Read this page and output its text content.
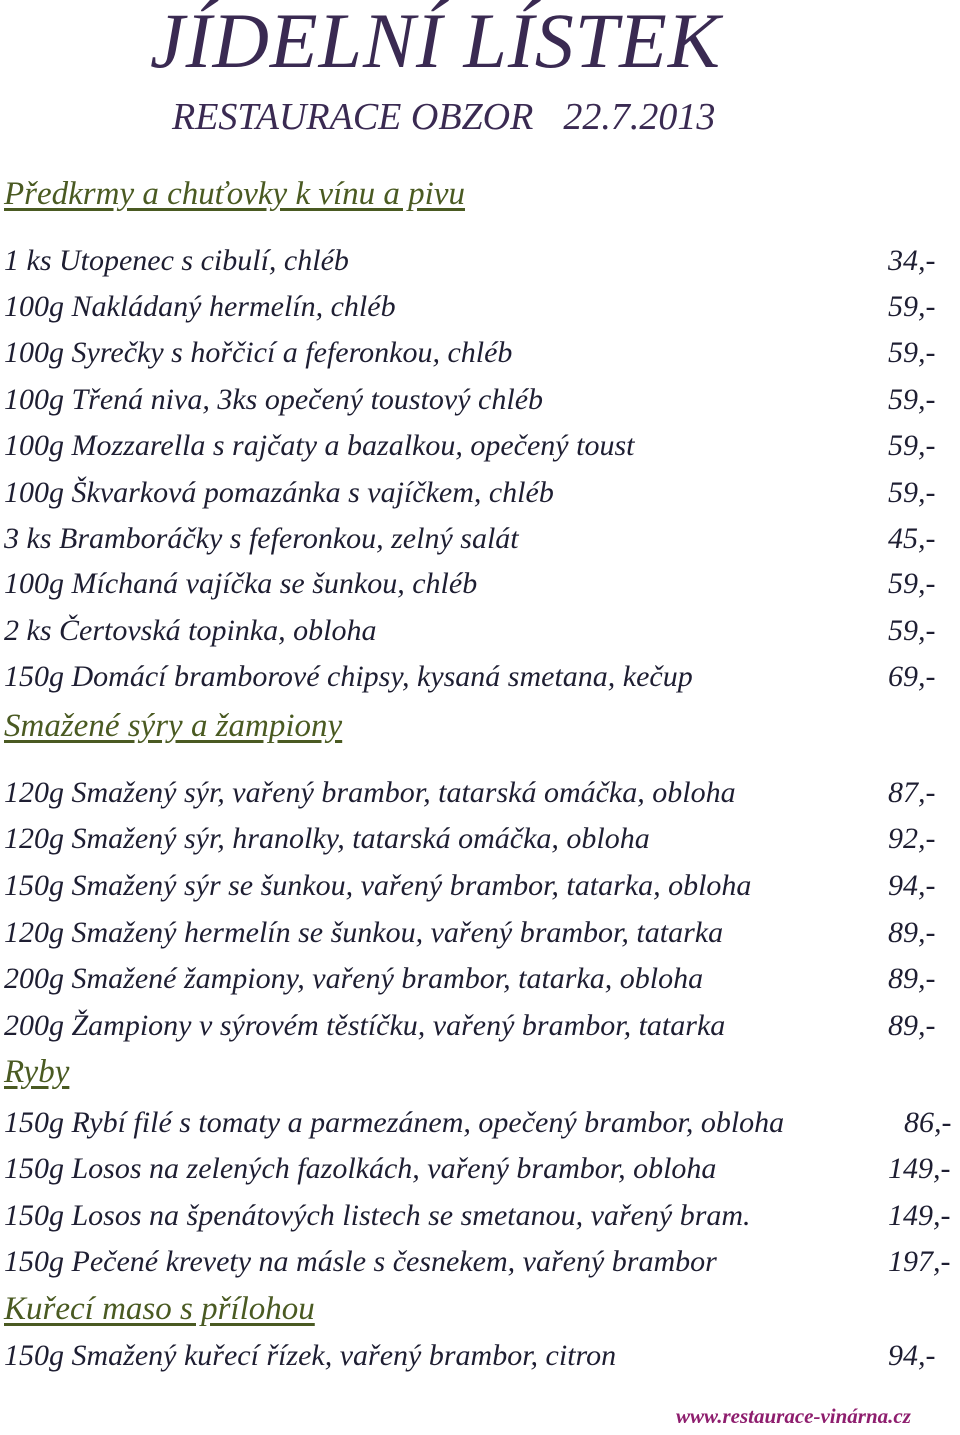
JÍDELNÍ LÍSTEK
RESTAURACE OBZOR 22.7.2013
Předkrmy a chuťovky k vínu a pivu
1 ks Utopenec s cibulí, chléb	34,-
100g Nakládaný hermelín, chléb	59,-
100g Syrečky s hořčicí a feferonkou, chléb	59,-
100g Třená niva, 3ks opečený toustový chléb	59,-
100g Mozzarella s rajčaty a bazalkou, opečený toust	59,-
100g Škvarková pomazánka s vajíčkem, chléb	59,-
3 ks Bramboráčky s feferonkou, zelný salát	45,-
100g Míchaná vajíčka se šunkou, chléb	59,-
2 ks Čertovská topinka, obloha	59,-
150g Domácí bramborové chipsy, kysaná smetana, kečup	69,-
Smažené sýry a žampiony
120g Smažený sýr, vařený brambor, tatarská omáčka, obloha	87,-
120g Smažený sýr, hranolky, tatarská omáčka, obloha	92,-
150g Smažený sýr se šunkou, vařený brambor, tatarka, obloha	94,-
120g Smažený hermelín se šunkou, vařený brambor, tatarka	89,-
200g Smažené žampiony, vařený brambor, tatarka, obloha	89,-
200g Žampiony v sýrovém těstíčku, vařený brambor, tatarka	89,-
Ryby
150g Rybí filé s tomaty a parmezánem, opečený brambor, obloha	86,-
150g Losos na zelených fazolkách, vařený brambor, obloha	149,-
150g Losos na špenátových listech se smetanou, vařený bram.	149,-
150g Pečené krevety na másle s česnekem, vařený brambor	197,-
Kuřecí maso s přílohou
150g Smažený kuřecí řízek, vařený brambor, citron	94,-
www.restaurace-vinárna.cz
